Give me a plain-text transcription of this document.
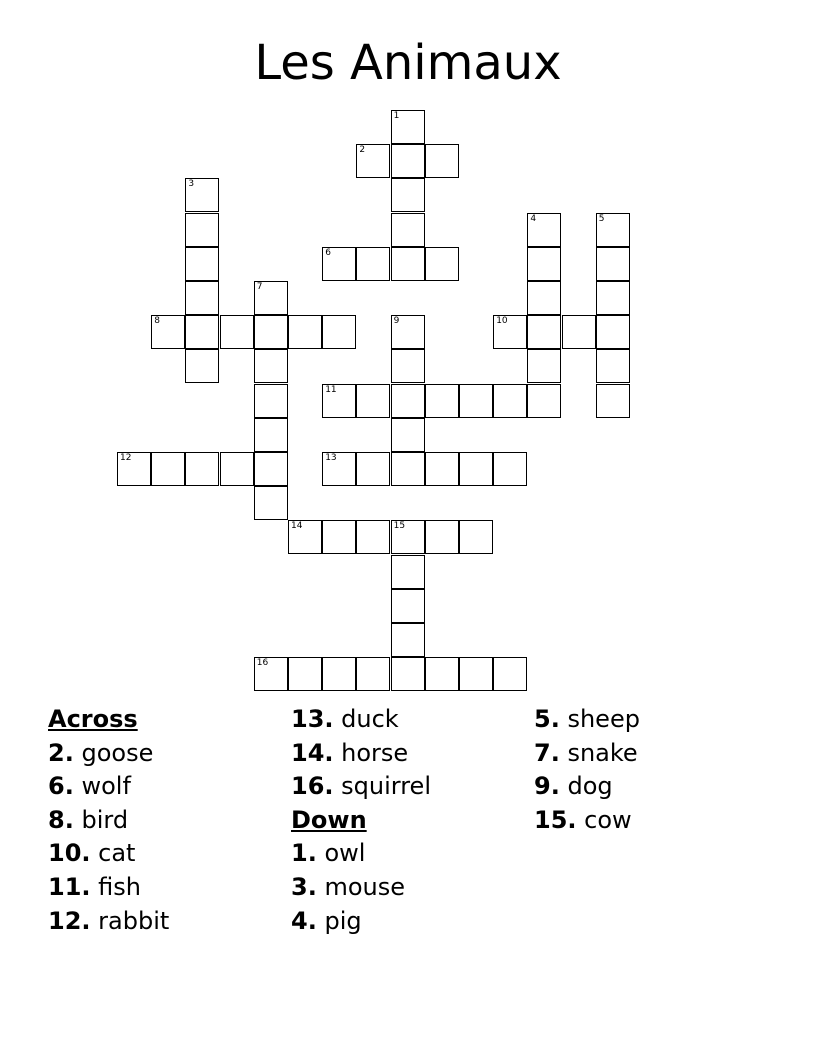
Les Animaux
1
2
3
4	5
6
7
8	9	10
11
12	13
14	15
16
Across
2. goose
6. wolf
8. bird
10. cat
11. fish
12. rabbit
13. duck
14. horse
16. squirrel
Down
1. owl
3. mouse
4. pig
5. sheep
7. snake
9. dog
15. cow
